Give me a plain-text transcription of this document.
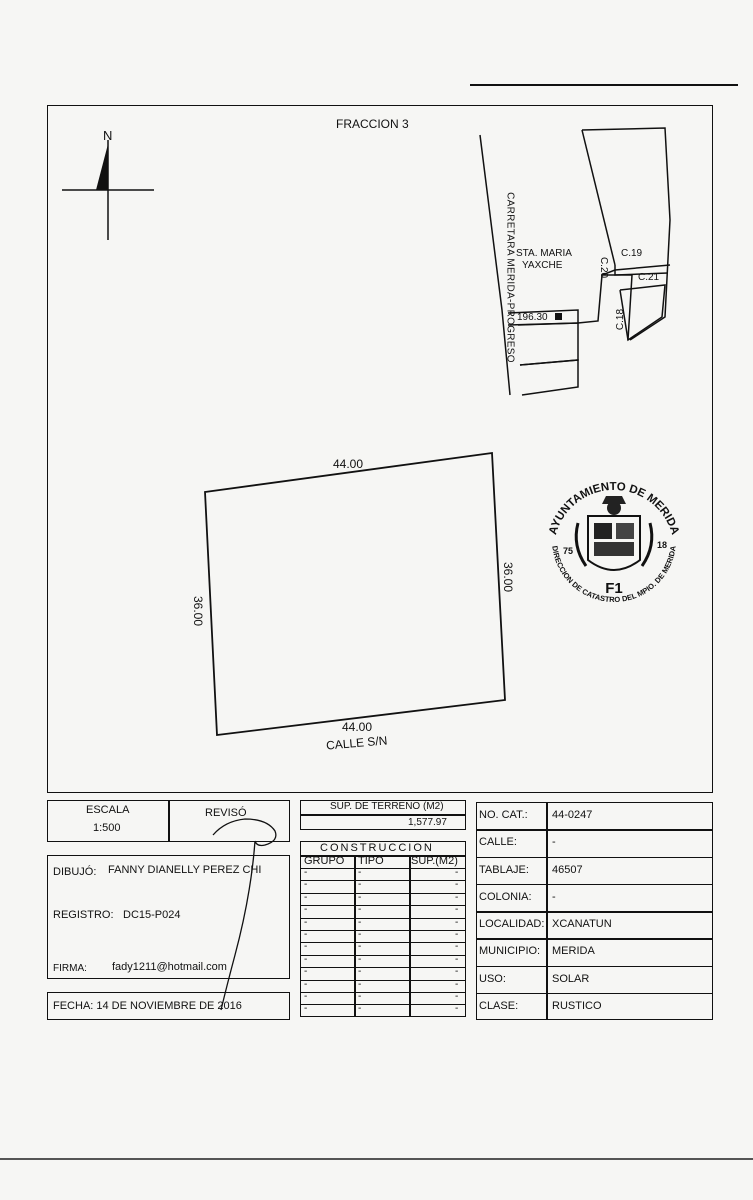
FRACCION 3
N
CARRETARA MERIDA-PROGRESO STA. MARIA
YAXCHE
C.19
C.20	C.21
C.18
196.30
44.00
36.00
36.00
44.00
CALLE S/N
AYUNTAMIENTO DE MERIDA
DIRECCION DE CATASTRO DEL MPIO. DE MERIDA
F1
75
18
ESCALA
1:500
REVISÓ
DIBUJÓ: FANNY DIANELLY PEREZ CHI
REGISTRO: DC15-P024
FIRMA: fady1211@hotmail.com
FECHA: 14 DE NOVIEMBRE DE 2016
SUP. DE TERRENO (M2)
1,577.97
CONSTRUCCION
GRUPO TIPO SUP.(M2)
-	-	-
-	-	-
-	-	-
-	-	-
-	-	-
-	-	-
-	-	-
-	-	-
-	-	-
-	-	-
-	-	-
-	-	-
NO. CAT.: 44-0247
CALLE:	-
TABLAJE: 46507
COLONIA: -
LOCALIDAD: XCANATUN
MUNICIPIO: MERIDA
USO:	SOLAR
CLASE:	RUSTICO
